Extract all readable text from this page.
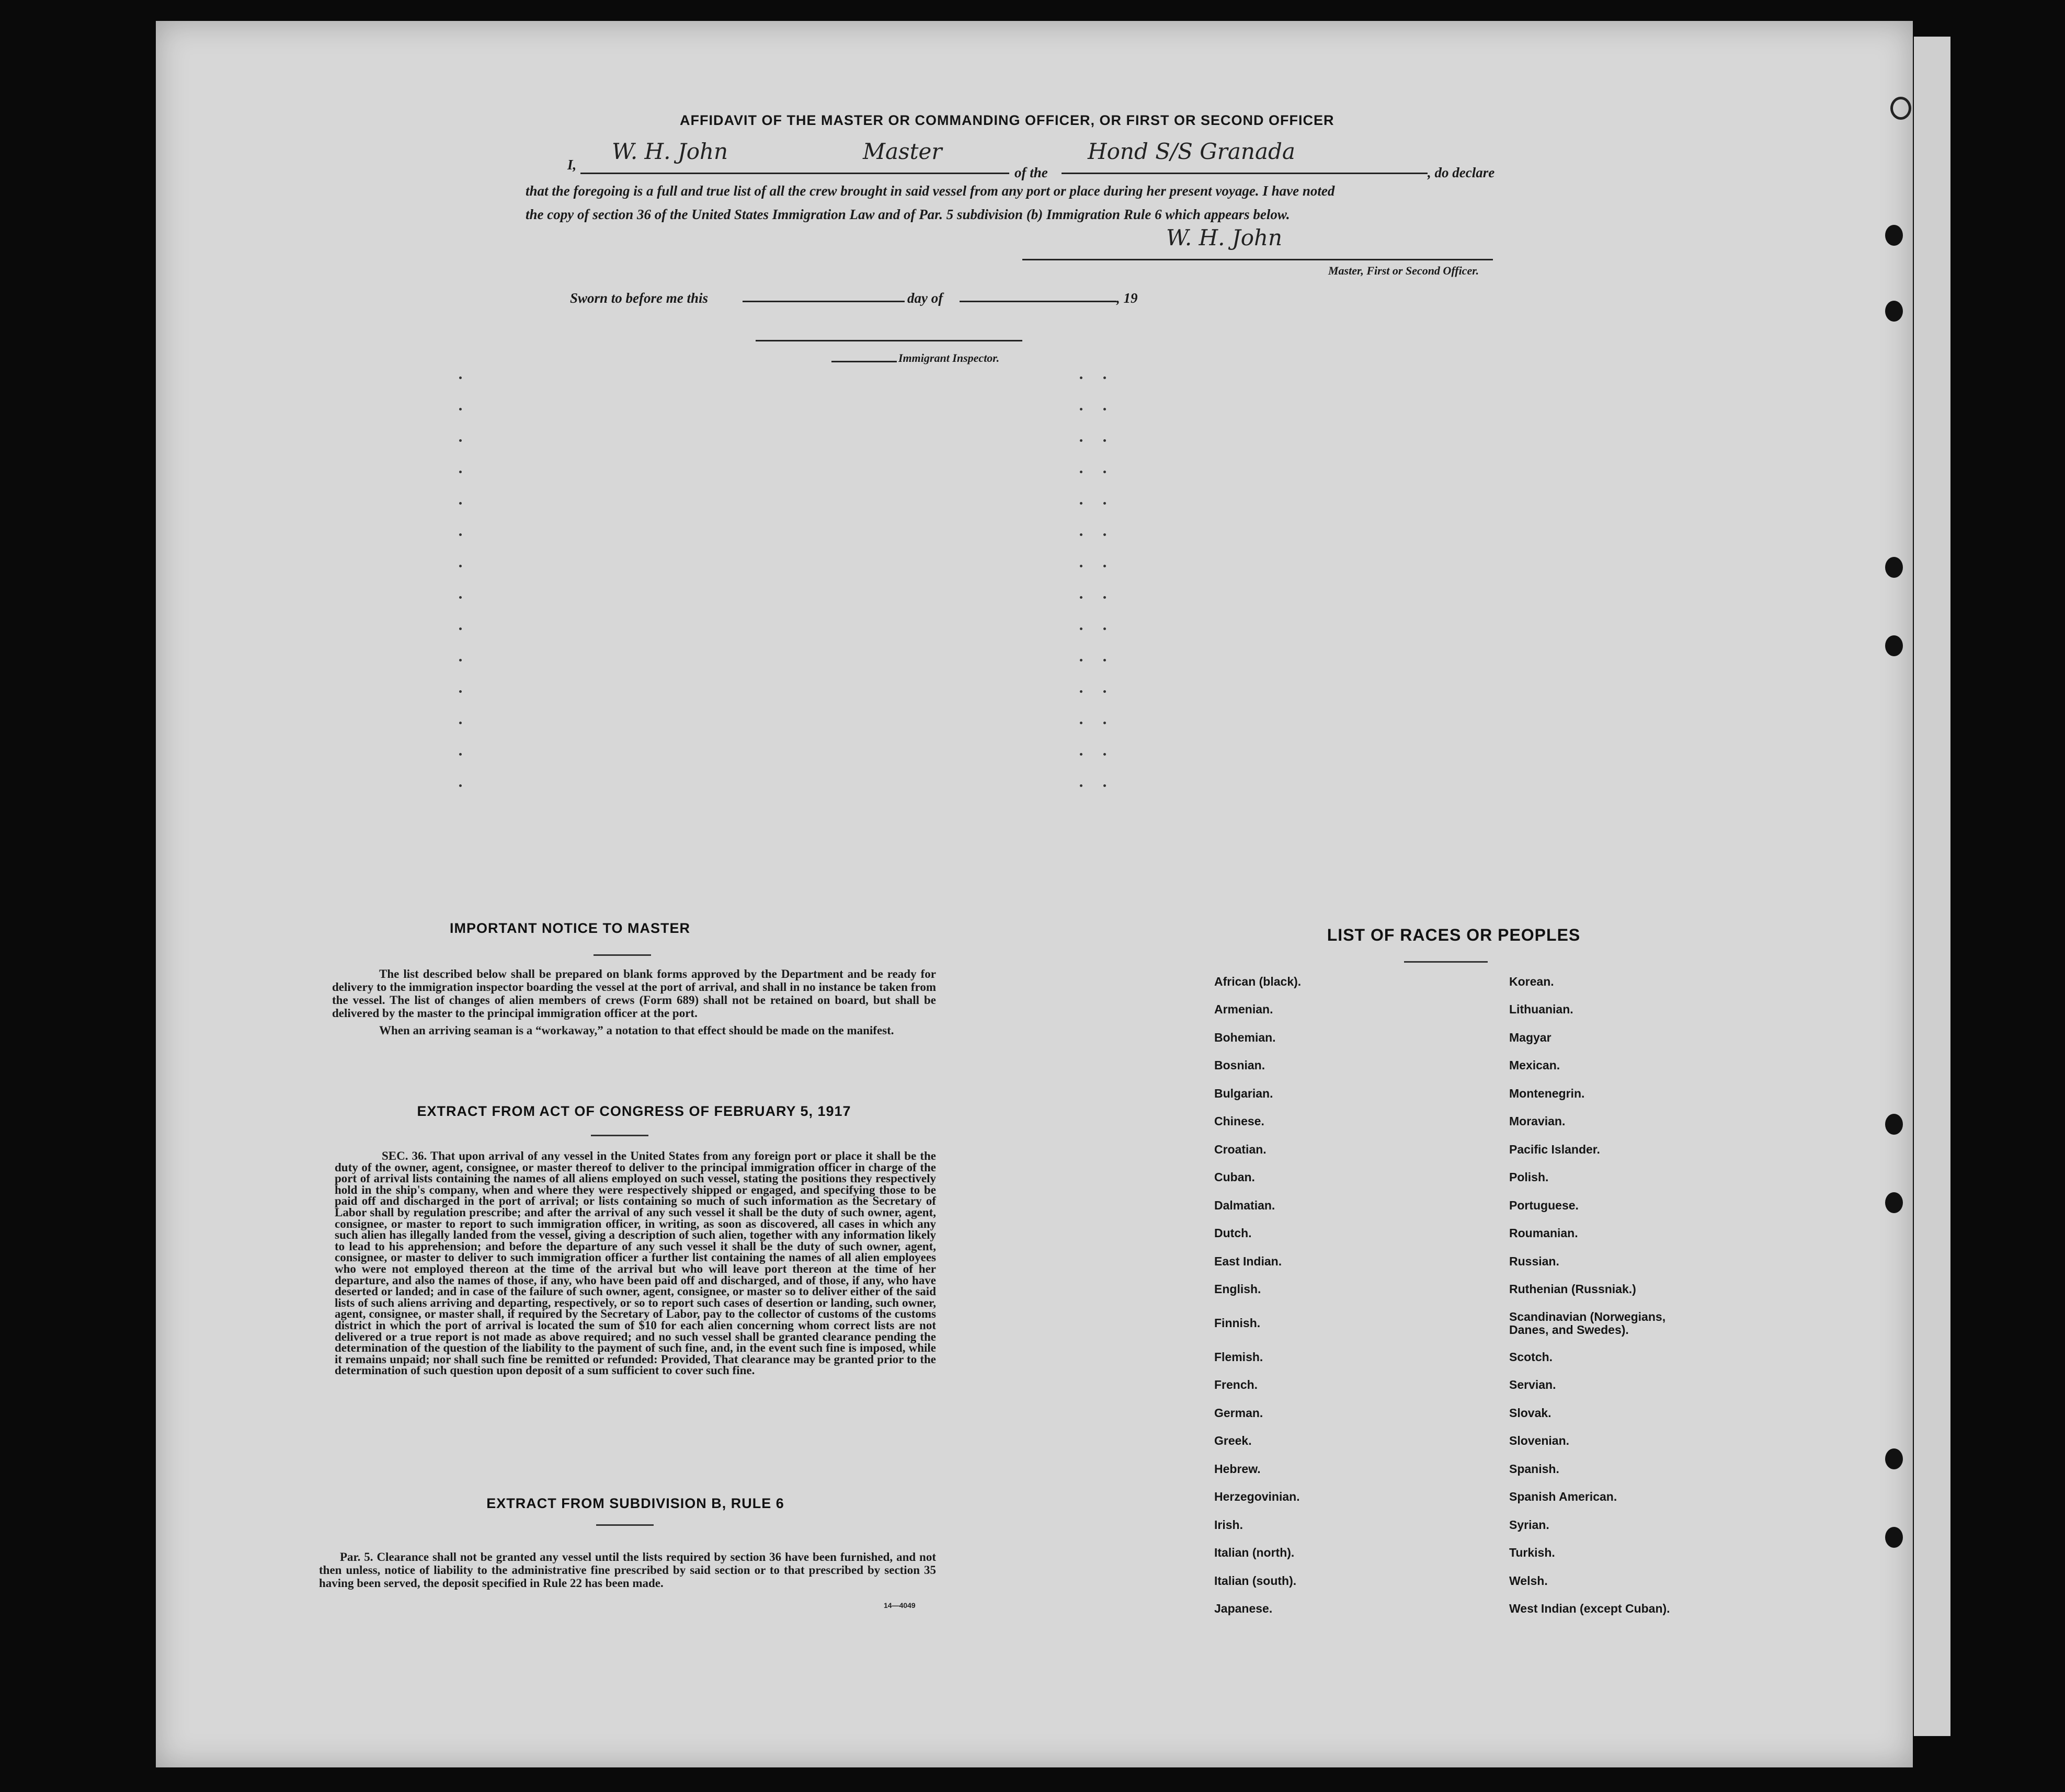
AFFIDAVIT OF THE MASTER OR COMMANDING OFFICER, OR FIRST OR SECOND OFFICER
I,
W. H. John	Master
of the
Hond S/S Granada
, do declare
that the foregoing is a full and true list of all the crew brought in said vessel from any port or place during her present voyage. I have noted
the copy of section 36 of the United States Immigration Law and of Par. 5 subdivision (b) Immigration Rule 6 which appears below.
W. H. John
Master, First or Second Officer.
Sworn to before me this	day of	, 19
Immigrant Inspector.
IMPORTANT NOTICE TO MASTER

The list described below shall be prepared on blank forms approved by the Department and be ready for delivery to the immigration inspector boarding the vessel at the port of arrival, and shall in no instance be taken from the vessel. The list of changes of alien members of crews (Form 689) shall not be retained on board, but shall be delivered by the master to the principal immigration officer at the port.

When an arriving seaman is a “workaway,” a notation to that effect should be made on the manifest.

EXTRACT FROM ACT OF CONGRESS OF FEBRUARY 5, 1917

SEC. 36. That upon arrival of any vessel in the United States from any foreign port or place it shall be the duty of the owner, agent, consignee, or master thereof to deliver to the principal immigration officer in charge of the port of arrival lists containing the names of all aliens employed on such vessel, stating the positions they respectively hold in the ship's company, when and where they were respectively shipped or engaged, and specifying those to be paid off and discharged in the port of arrival; or lists containing so much of such information as the Secretary of Labor shall by regulation prescribe; and after the arrival of any such vessel it shall be the duty of such owner, agent, consignee, or master to report to such immigration officer, in writing, as soon as discovered, all cases in which any such alien has illegally landed from the vessel, giving a description of such alien, together with any information likely to lead to his apprehension; and before the departure of any such vessel it shall be the duty of such owner, agent, consignee, or master to deliver to such immigration officer a further list containing the names of all alien employees who were not employed thereon at the time of the arrival but who will leave port thereon at the time of her departure, and also the names of those, if any, who have been paid off and discharged, and of those, if any, who have deserted or landed; and in case of the failure of such owner, agent, consignee, or master so to deliver either of the said lists of such aliens arriving and departing, respectively, or so to report such cases of desertion or landing, such owner, agent, consignee, or master shall, if required by the Secretary of Labor, pay to the collector of customs of the customs district in which the port of arrival is located the sum of $10 for each alien concerning whom correct lists are not delivered or a true report is not made as above required; and no such vessel shall be granted clearance pending the determination of the question of the liability to the payment of such fine, and, in the event such fine is imposed, while it remains unpaid; nor shall such fine be remitted or refunded: Provided, That clearance may be granted prior to the determination of such question upon deposit of a sum sufficient to cover such fine.

EXTRACT FROM SUBDIVISION B, RULE 6

Par. 5. Clearance shall not be granted any vessel until the lists required by section 36 have been furnished, and not then unless, notice of liability to the administrative fine prescribed by said section or to that prescribed by section 35 having been served, the deposit specified in Rule 22 has been made.

14—4049
LIST OF RACES OR PEOPLES
African (black).
Armenian.
Bohemian.
Bosnian.
Bulgarian.
Chinese.
Croatian.
Cuban.
Dalmatian.
Dutch.
East Indian.
English.
Finnish.
Flemish.
French.
German.
Greek.
Hebrew.
Herzegovinian.
Irish.
Italian (north).
Italian (south).
Japanese.
Korean.
Lithuanian.
Magyar
Mexican.
Montenegrin.
Moravian.
Pacific Islander.
Polish.
Portuguese.
Roumanian.
Russian.
Ruthenian (Russniak.)
Scandinavian (Norwegians,
Danes, and Swedes).
Scotch.
Servian.
Slovak.
Slovenian.
Spanish.
Spanish American.
Syrian.
Turkish.
Welsh.
West Indian (except Cuban).
